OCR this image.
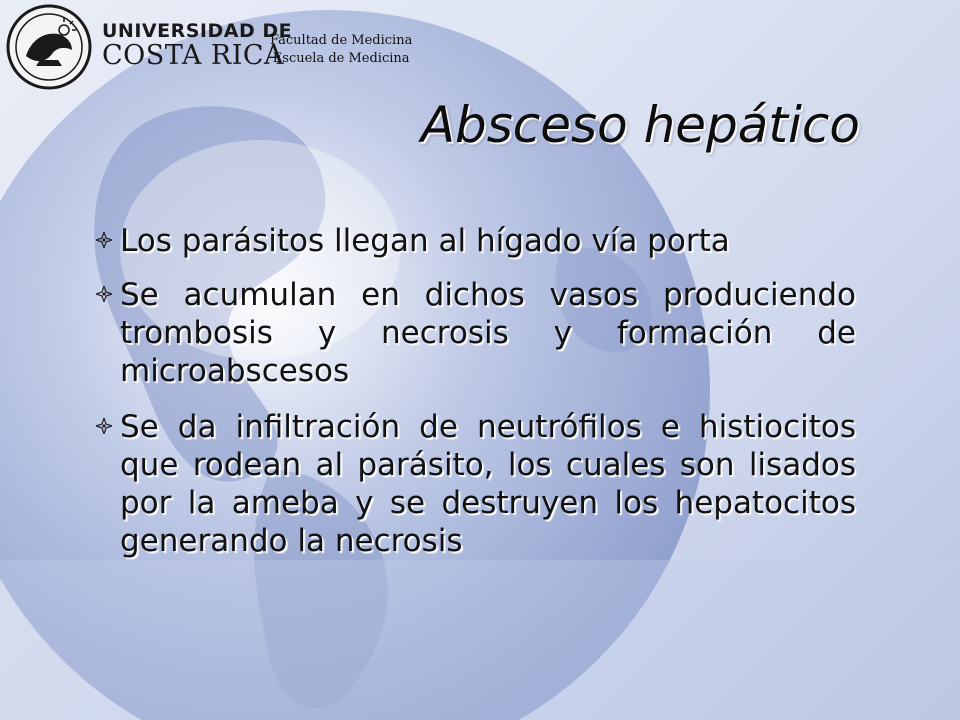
UNIVERSIDAD DE
COSTA RICA
Facultad de Medicina
Escuela de Medicina
Absceso hepático
Los parásitos llegan al hígado vía porta
Se acumulan en dichos vasos produciendo trombosis y necrosis y formación de microabscesos
Se da infiltración de neutrófilos e histiocitos que rodean al parásito, los cuales son lisados por la ameba y se destruyen los hepatocitos generando la necrosis
